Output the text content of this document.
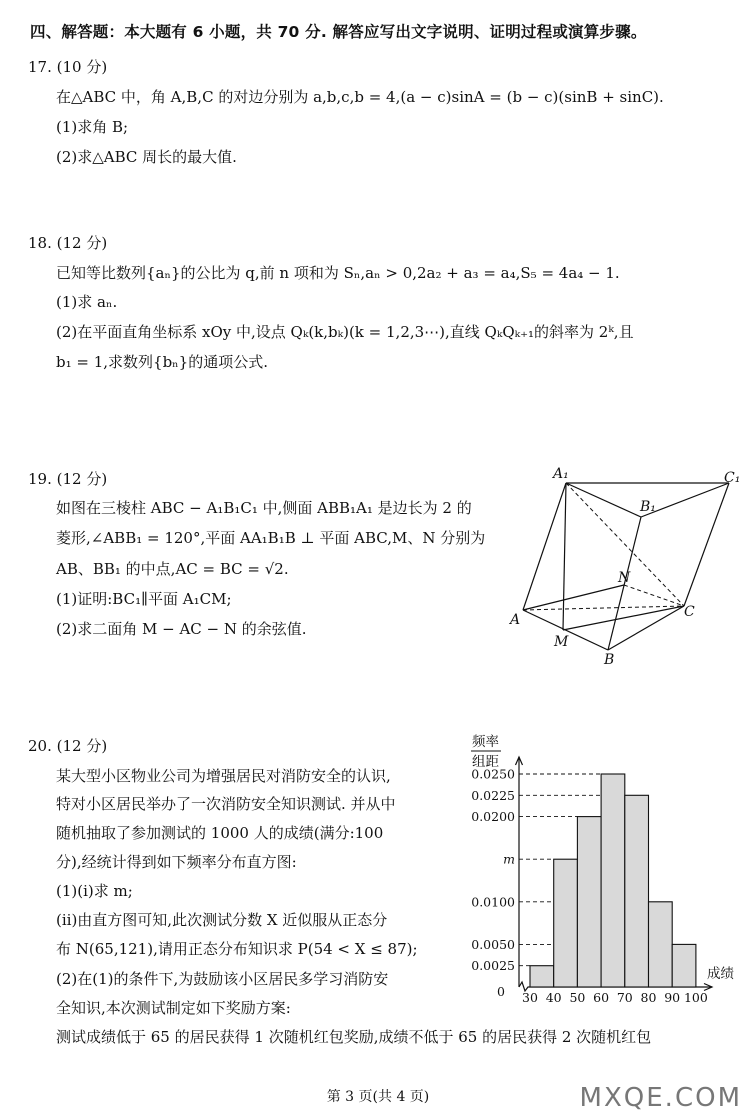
四、解答题：本大题有 6 小题，共 70 分. 解答应写出文字说明、证明过程或演算步骤。
17. (10 分)
在△ABC 中，角 A,B,C 的对边分别为 a,b,c,b = 4,(a − c)sinA = (b − c)(sinB + sinC).
(1)求角 B;
(2)求△ABC 周长的最大值.
18. (12 分)
已知等比数列{aₙ}的公比为 q,前 n 项和为 Sₙ,aₙ > 0,2a₂ + a₃ = a₄,S₅ = 4a₄ − 1.
(1)求 aₙ.
(2)在平面直角坐标系 xOy 中,设点 Qₖ(k,bₖ)(k = 1,2,3⋯),直线 QₖQₖ₊₁的斜率为 2ᵏ,且
b₁ = 1,求数列{bₙ}的通项公式.
19. (12 分)
如图在三棱柱 ABC − A₁B₁C₁ 中,侧面 ABB₁A₁ 是边长为 2 的
菱形,∠ABB₁ = 120°,平面 AA₁B₁B ⊥ 平面 ABC,M、N 分别为
AB、BB₁ 的中点,AC = BC = √2.
(1)证明:BC₁∥平面 A₁CM;
(2)求二面角 M − AC − N 的余弦值.
A₁
B₁
C₁
N
A	C
M
B
20. (12 分)
某大型小区物业公司为增强居民对消防安全的认识,
特对小区居民举办了一次消防安全知识测试. 并从中
随机抽取了参加测试的 1000 人的成绩(满分:100
分),经统计得到如下频率分布直方图:
(1)(ⅰ)求 m;
(ⅱ)由直方图可知,此次测试分数 X 近似服从正态分
布 N(65,121),请用正态分布知识求 P(54 < X ≤ 87);
(2)在(1)的条件下,为鼓励该小区居民多学习消防安
全知识,本次测试制定如下奖励方案:
测试成绩低于 65 的居民获得 1 次随机红包奖励,成绩不低于 65 的居民获得 2 次随机红包
0.0025
0.0050
0.0100
m
0.0200
0.0225
0.0250
30 40 50 60 70 80 90 100
0
成绩
频率
组距
第 3 页(共 4 页)	MXQE.COM
